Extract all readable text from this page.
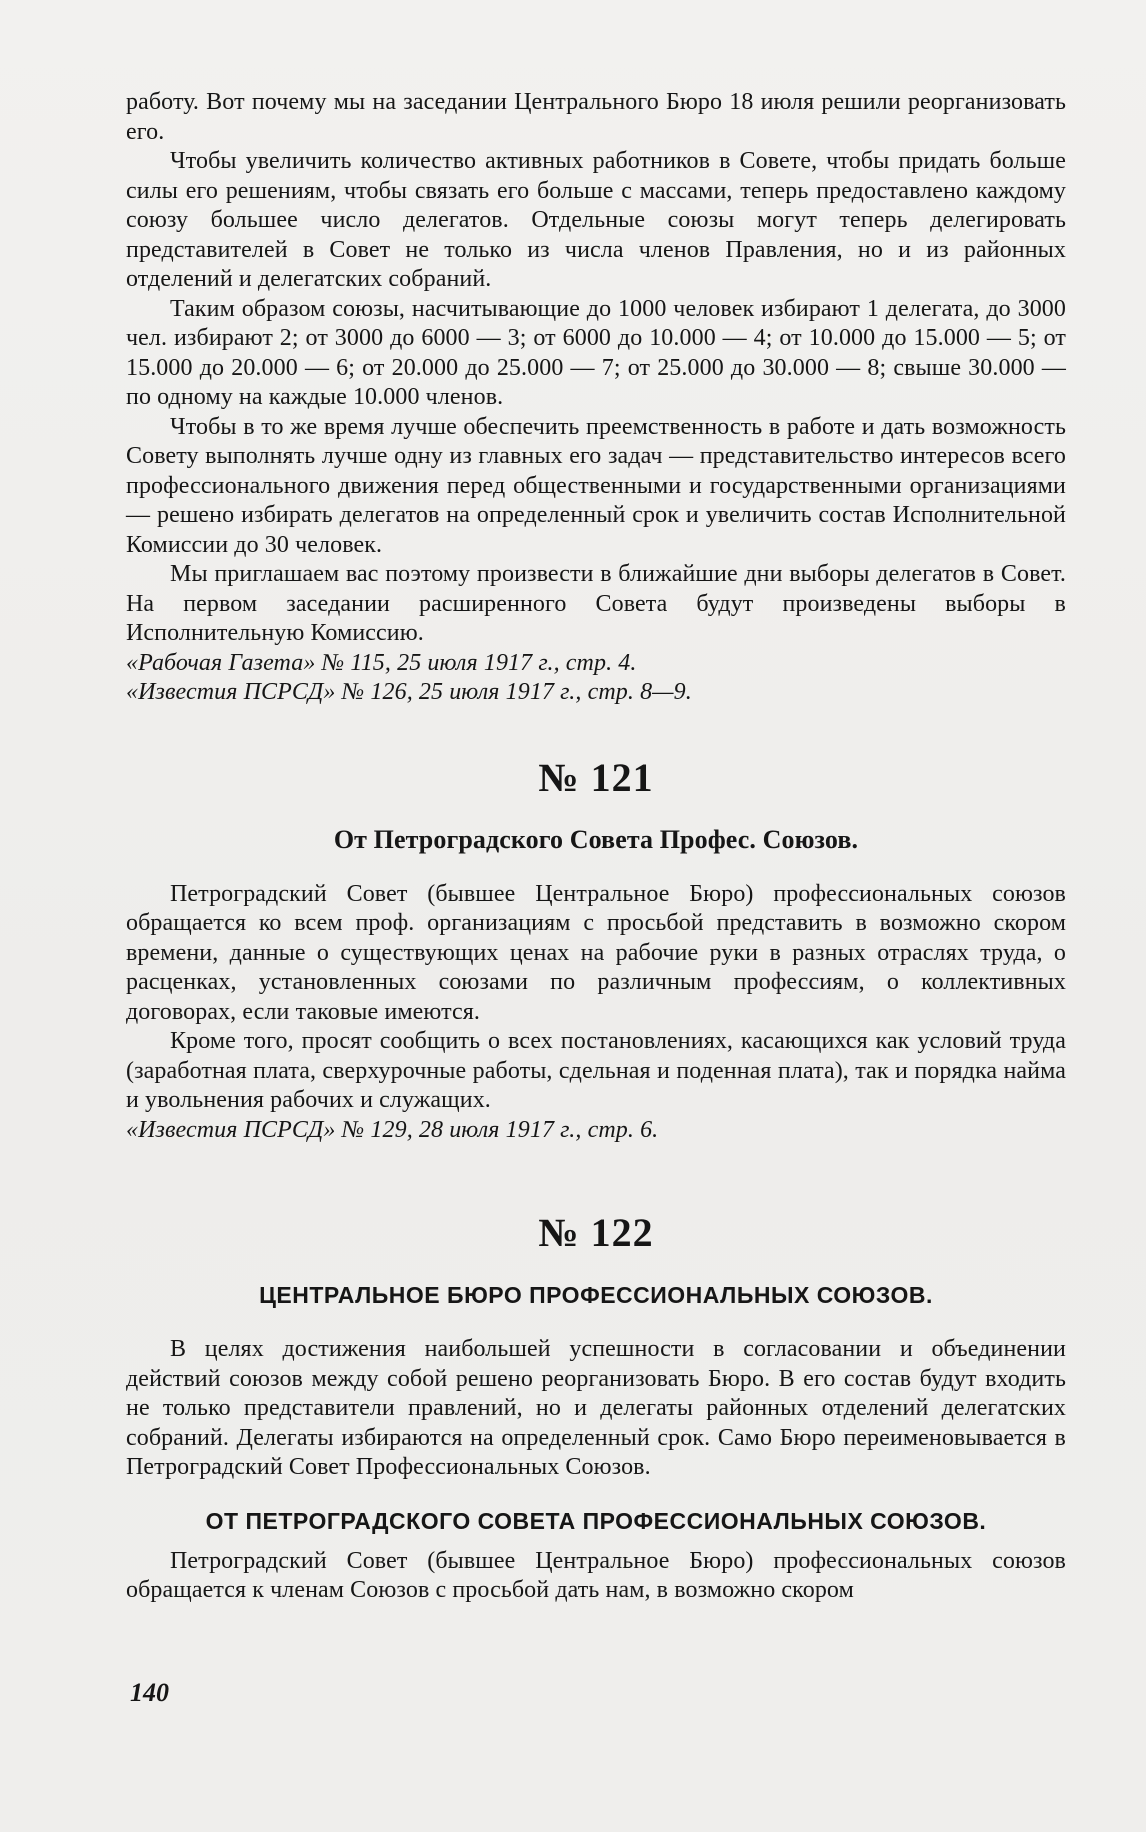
работу. Вот почему мы на заседании Центрального Бюро 18 июля решили реорганизовать его.

Чтобы увеличить количество активных работников в Совете, чтобы придать больше силы его решениям, чтобы связать его больше с массами, теперь предоставлено каждому союзу большее число делегатов. Отдельные союзы могут теперь делегировать представителей в Совет не только из числа членов Правления, но и из районных отделений и делегатских собраний.

Таким образом союзы, насчитывающие до 1000 человек избирают 1 делегата, до 3000 чел. избирают 2; от 3000 до 6000 — 3; от 6000 до 10.000 — 4; от 10.000 до 15.000 — 5; от 15.000 до 20.000 — 6; от 20.000 до 25.000 — 7; от 25.000 до 30.000 — 8; свыше 30.000 — по одному на каждые 10.000 членов.

Чтобы в то же время лучше обеспечить преемственность в работе и дать возможность Совету выполнять лучше одну из главных его задач — представительство интересов всего профессионального движения перед общественными и государственными организациями — решено избирать делегатов на определенный срок и увеличить состав Исполнительной Комиссии до 30 человек.

Мы приглашаем вас поэтому произвести в ближайшие дни выборы делегатов в Совет. На первом заседании расширенного Совета будут произведены выборы в Исполнительную Комиссию.

«Рабочая Газета» № 115, 25 июля 1917 г., стр. 4.

«Известия ПСРСД» № 126, 25 июля 1917 г., стр. 8—9.

№ 121
От Петроградского Совета Профес. Союзов.

Петроградский Совет (бывшее Центральное Бюро) профессиональных союзов обращается ко всем проф. организациям с просьбой представить в возможно скором времени, данные о существующих ценах на рабочие руки в разных отраслях труда, о расценках, установленных союзами по различным профессиям, о коллективных договорах, если таковые имеются.

Кроме того, просят сообщить о всех постановлениях, касающихся как условий труда (заработная плата, сверхурочные работы, сдельная и поденная плата), так и порядка найма и увольнения рабочих и служащих.

«Известия ПСРСД» № 129, 28 июля 1917 г., стр. 6.

№ 122
ЦЕНТРАЛЬНОЕ БЮРО ПРОФЕССИОНАЛЬНЫХ СОЮЗОВ.

В целях достижения наибольшей успешности в согласовании и объединении действий союзов между собой решено реорганизовать Бюро. В его состав будут входить не только представители правлений, но и делегаты районных отделений делегатских собраний. Делегаты избираются на определенный срок. Само Бюро переименовывается в Петроградский Совет Профессиональных Союзов.

ОТ ПЕТРОГРАДСКОГО СОВЕТА ПРОФЕССИОНАЛЬНЫХ СОЮЗОВ.

Петроградский Совет (бывшее Центральное Бюро) профессиональных союзов обращается к членам Союзов с просьбой дать нам, в возможно скором

140
